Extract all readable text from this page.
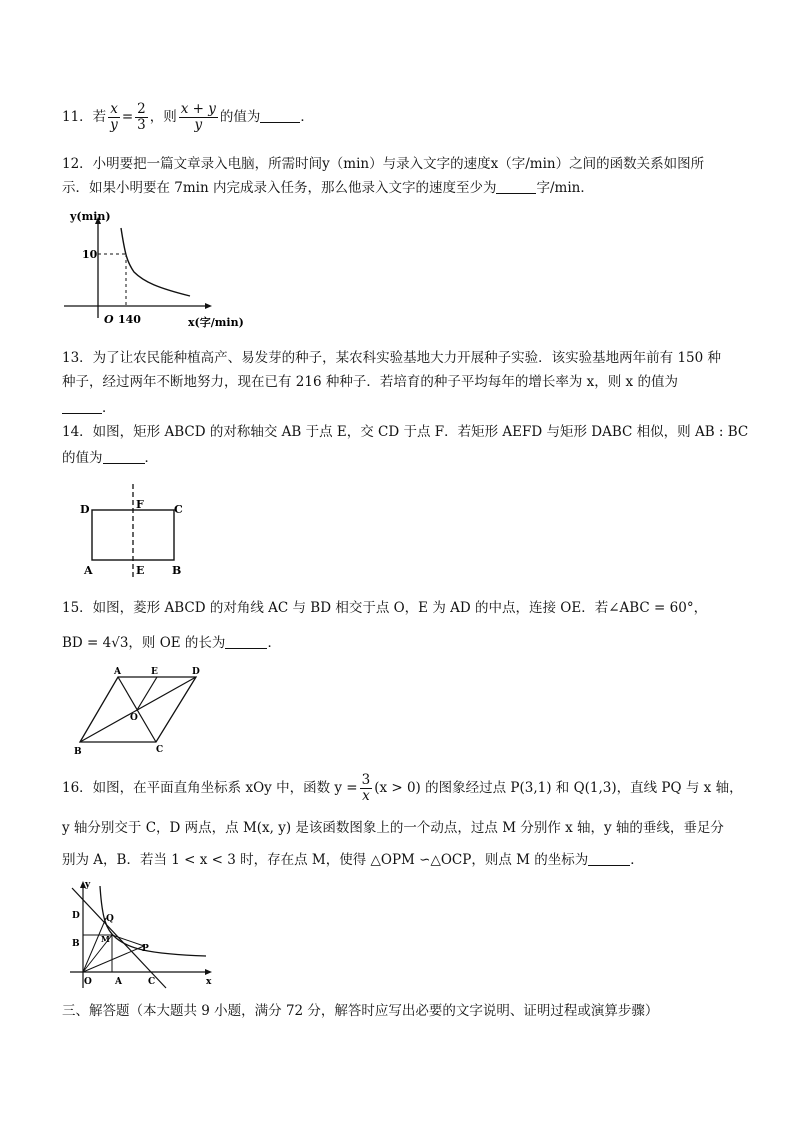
11．若 $\frac{x}{y} = \frac{2}{3}$ ，则 $\frac{x + y}{y}$ 的值为	．
12．小明要把一篇文章录入电脑，所需时间y（min）与录入文字的速度x（字/min）之间的函数关系如图所
示．如果小明要在 7min 内完成录入任务，那么他录入文字的速度至少为	字/min．
y(min)
10
O 140	x(字/min)
13．为了让农民能种植高产、易发芽的种子，某农科实验基地大力开展种子实验．该实验基地两年前有 150 种
种子，经过两年不断地努力，现在已有 216 种种子．若培育的种子平均每年的增长率为 x，则 x 的值为
．
14．如图，矩形 ABCD 的对称轴交 AB 于点 E，交 CD 于点 F．若矩形 AEFD 与矩形 DABC 相似，则 AB : BC
的值为	．
D	F	C
A	E	B
15．如图，菱形 ABCD 的对角线 AC 与 BD 相交于点 O，E 为 AD 的中点，连接 OE．若∠ABC = 60°，
BD = 4√3，则 OE 的长为	．
A	E	D
O
B	C
16．如图，在平面直角坐标系 xOy 中，函数 $y = \frac{3}{x} (x > 0)$ 的图象经过点 P(3,1) 和 Q(1,3)，直线 PQ 与 x 轴，
y 轴分别交于 C，D 两点，点 M(x, y) 是该函数图象上的一个动点，过点 M 分别作 x 轴，y 轴的垂线，垂足分
别为 A，B．若当 1 < x < 3 时，存在点 M，使得 △OPM ∽△OCP，则点 M 的坐标为	．
y
D	Q
M
B	P
O	A	C	x
三、解答题（本大题共 9 小题，满分 72 分，解答时应写出必要的文字说明、证明过程或演算步骤）
